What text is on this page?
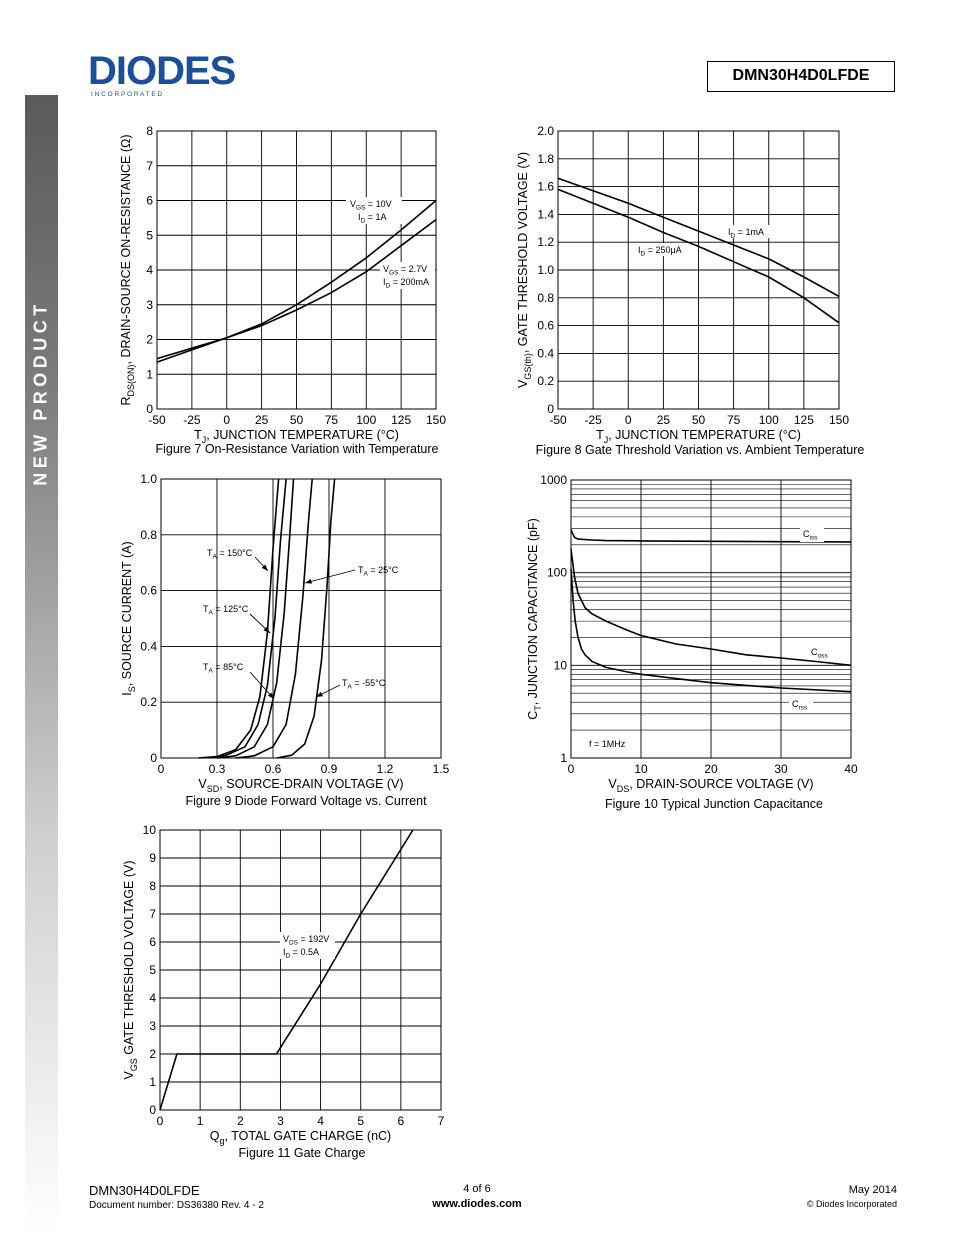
NEW PRODUCT
DIODES
I N C O R P O R A T E D
DMN30H4D0LFDE
-50 -25 0 25 50 75 100 125 150
0
1
2
3
4
5
6
7
8
$T_J$, JUNCTION TEMPERATURE (°C)
$R_{DS(ON)}$, DRAIN-SOURCE ON-RESISTANCE (Ω)
Figure 7 On-Resistance Variation with Temperature
$V_{GS} = 10V$
$I_D = 1A$
$V_{GS} = 2.7V$
$I_D = 200mA$
-50 -25 0 25 50 75 100 125 150
0
0.2
0.4
0.6
0.8
1.0
1.2
1.4
1.6
1.8
2.0
$T_J$, JUNCTION TEMPERATURE (°C)
$V_{GS(th)}$, GATE THRESHOLD VOLTAGE (V)
Figure 8 Gate Threshold Variation vs. Ambient Temperature
$I_D = 1mA$
$I_D = 250\mu A$
0	0.3	0.6	0.9	1.2	1.5
0
0.2
0.4
0.6
0.8
1.0
$V_{SD}$, SOURCE-DRAIN VOLTAGE (V)
$I_S$, SOURCE CURRENT (A)
Figure 9 Diode Forward Voltage vs. Current
$T_A = 150^\circ C$
$T_A = 125^\circ C$
$T_A = 85^\circ C$
$T_A = 25^\circ C$
$T_A = -55^\circ C$
0	10	20	30	40
1
10
100
1000
$V_{DS}$, DRAIN-SOURCE VOLTAGE (V)
$C_T$, JUNCTION CAPACITANCE (pF)
Figure 10 Typical Junction Capacitance
f = 1MHz
$C_{iss}$
$C_{oss}$
$C_{rss}$
0	1	2	3	4	5	6	7
0
1
2
3
4
5
6
7
8
9
10
$Q_g$, TOTAL GATE CHARGE (nC)
$V_{GS}$ GATE THRESHOLD VOLTAGE (V)
Figure 11 Gate Charge
$V_{DS} = 192V$
$I_D = 0.5A$
DMN30H4D0LFDE
Document number: DS36380 Rev. 4 - 2
4 of 6
www.diodes.com
May 2014
© Diodes Incorporated
